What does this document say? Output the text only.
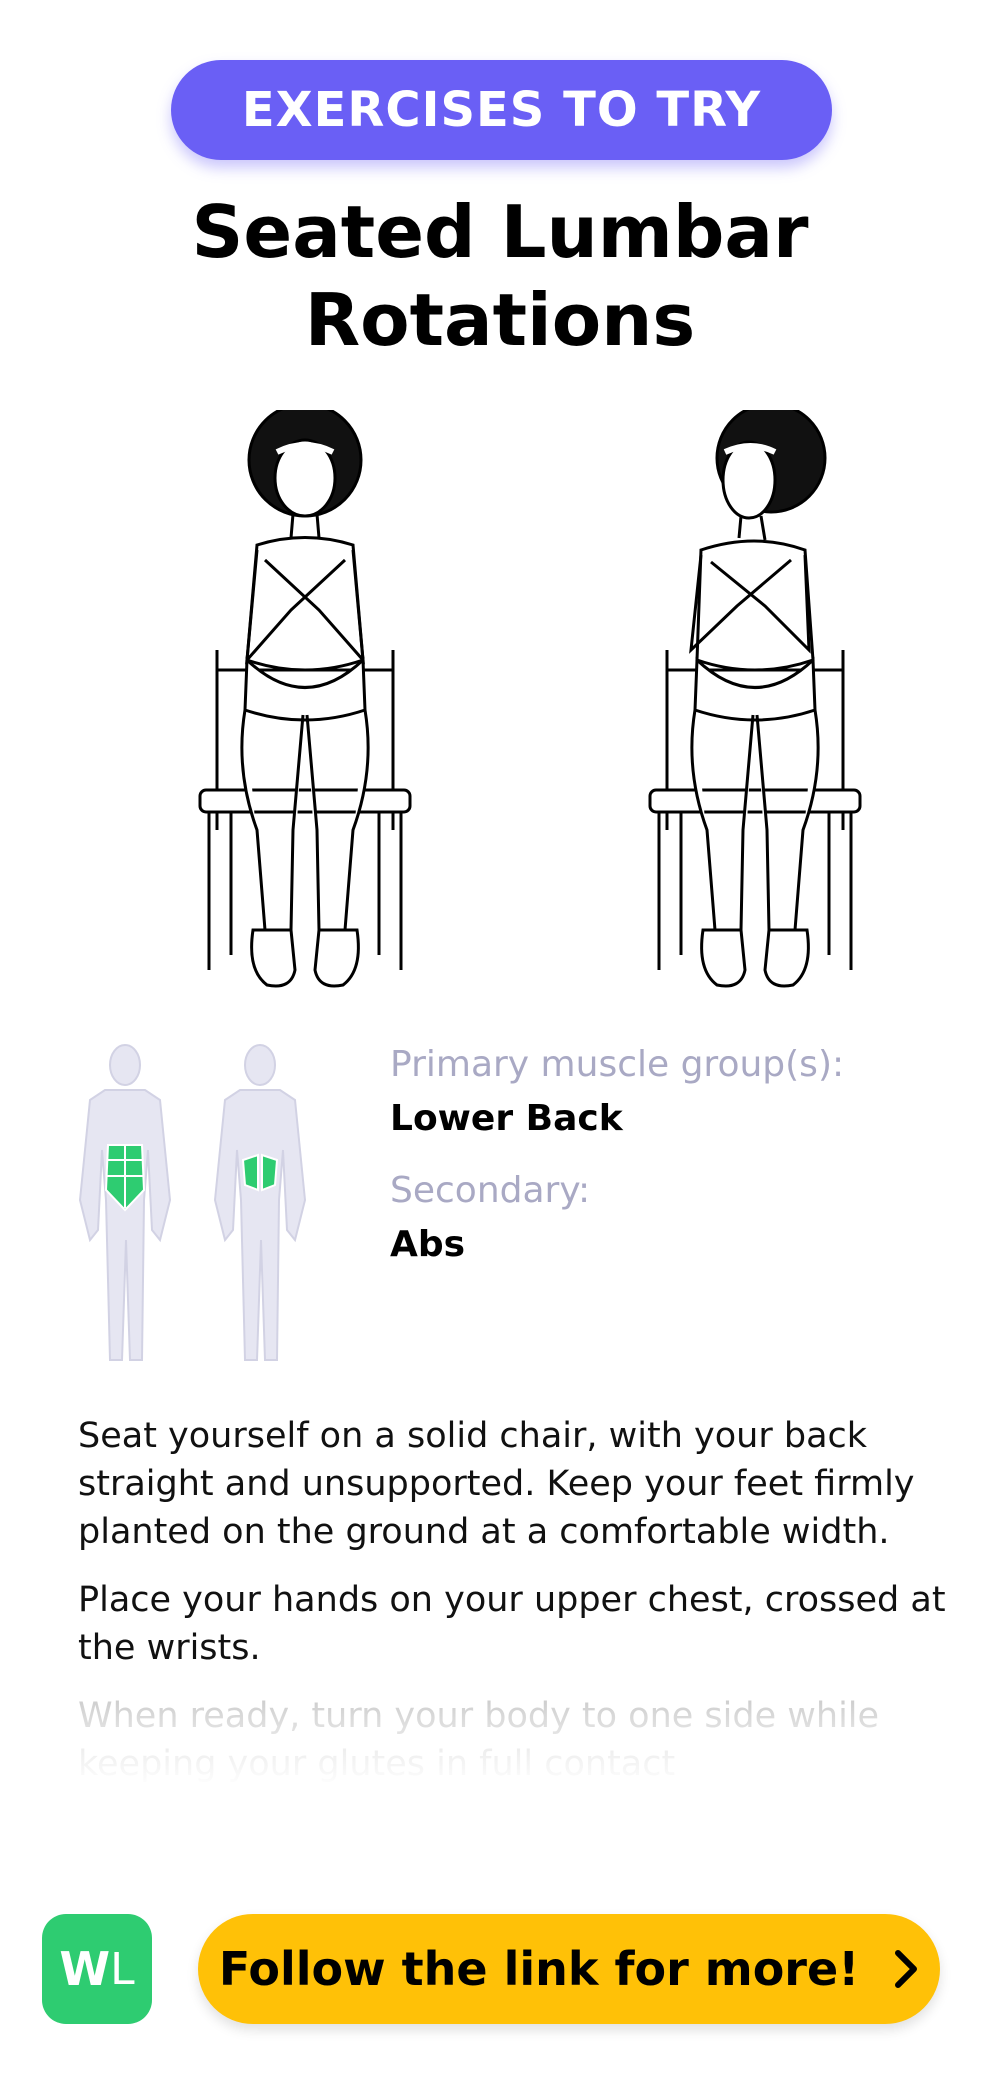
EXERCISES TO TRY
Seated Lumbar Rotations
Primary muscle group(s):
Lower Back
Secondary:
Abs

Seat yourself on a solid chair, with your back straight and unsupported. Keep your feet firmly planted on the ground at a comfortable width.

Place your hands on your upper chest, crossed at the wrists.

When ready, turn your body to one side while keeping your glutes in full contact

W L Follow the link for more!
